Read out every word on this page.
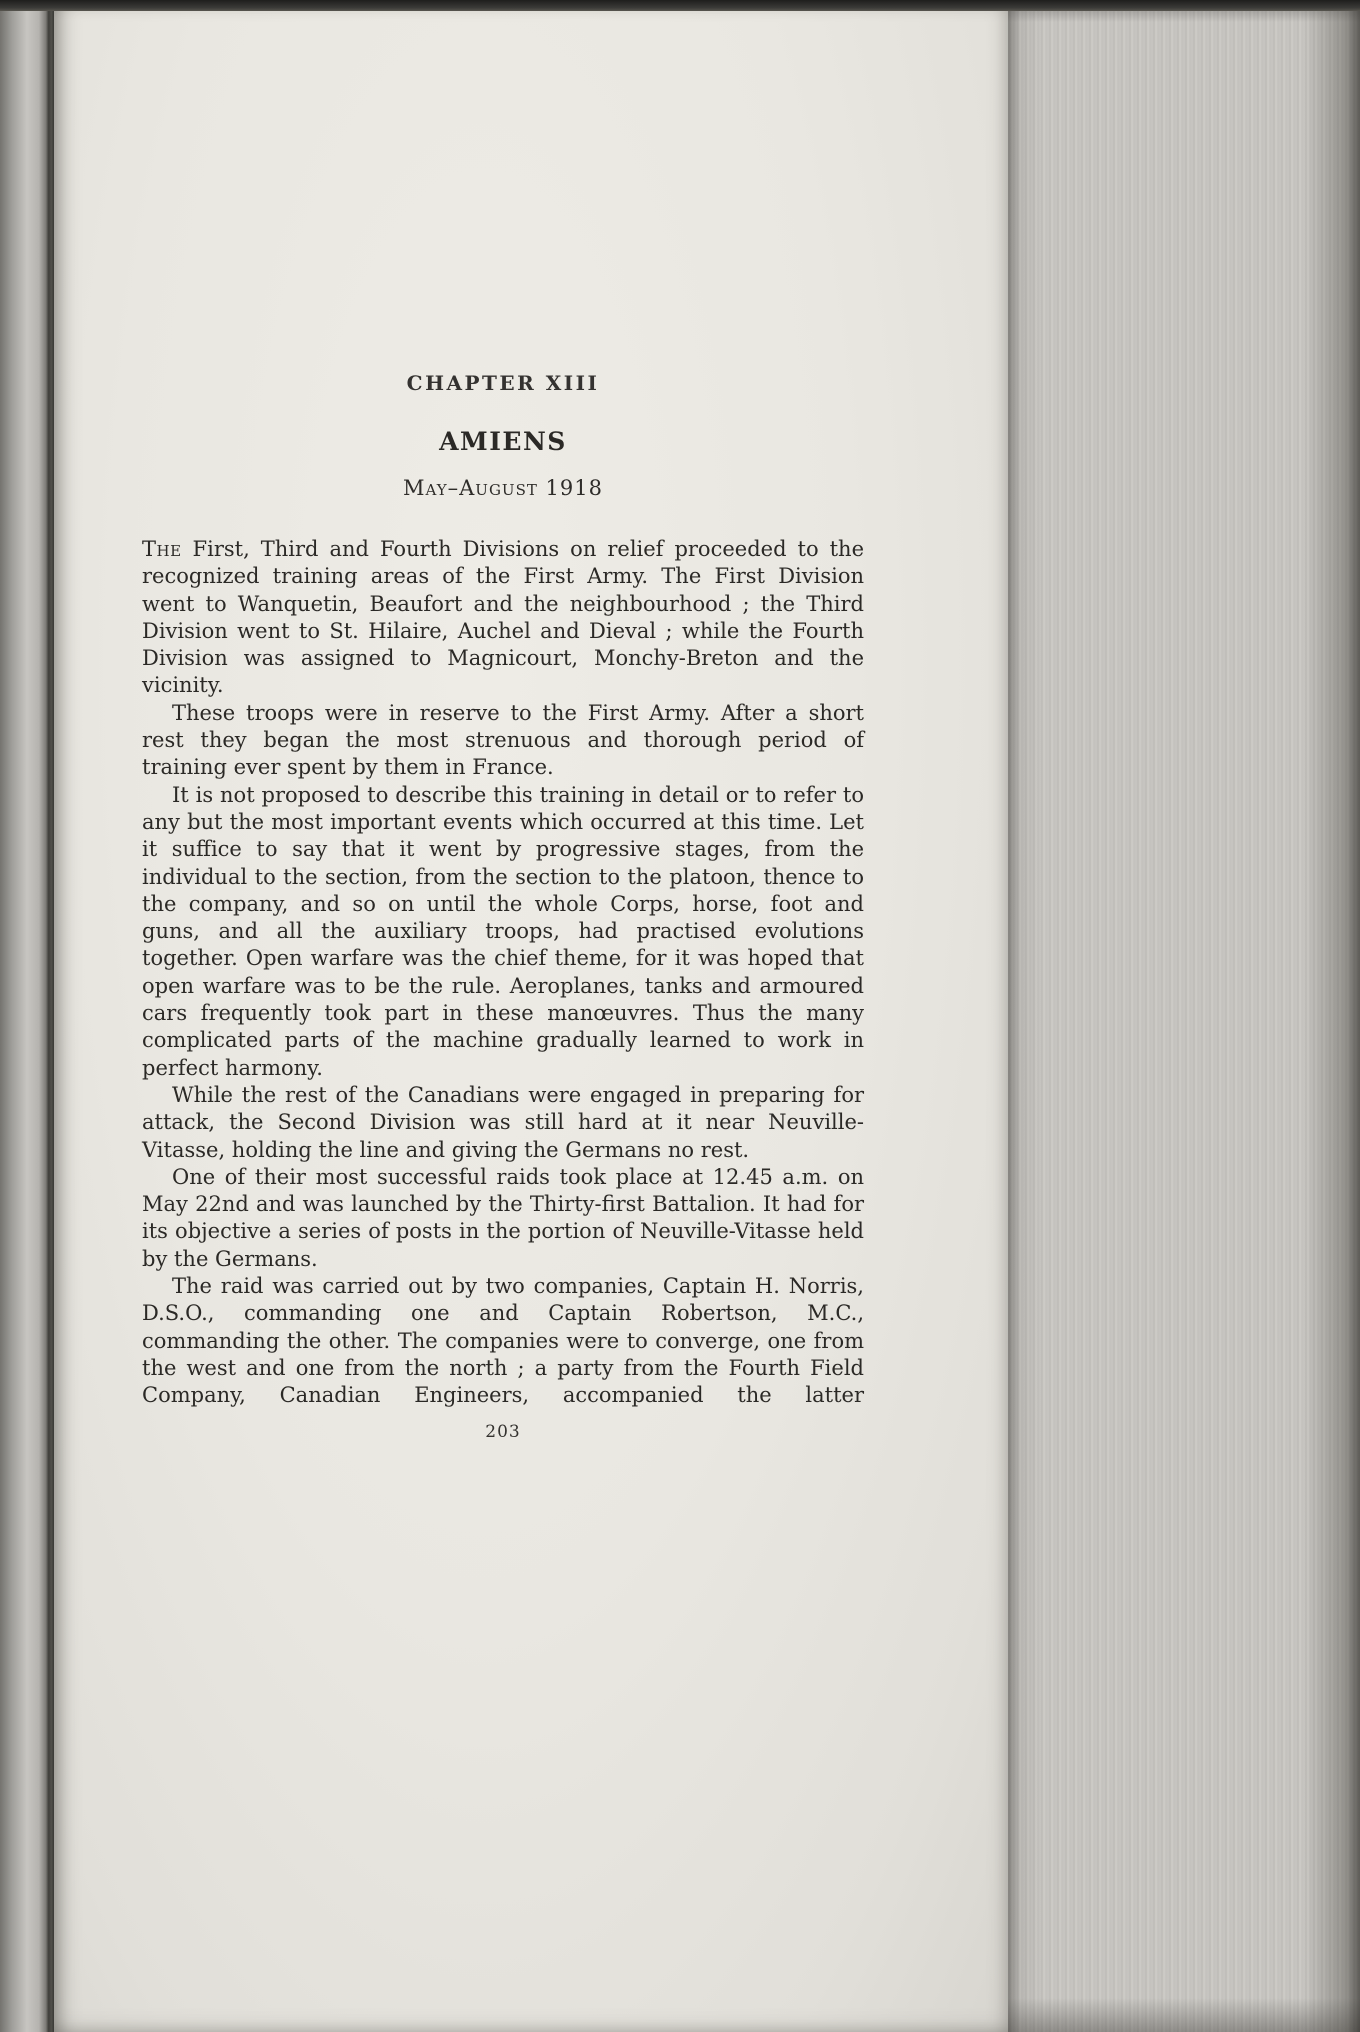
CHAPTER XIII
AMIENS
May–August 1918

The First, Third and Fourth Divisions on relief proceeded to the recognized training areas of the First Army. The First Division went to Wanquetin, Beaufort and the neighbourhood ; the Third Division went to St. Hilaire, Auchel and Dieval ; while the Fourth Division was assigned to Magnicourt, Monchy-Breton and the vicinity.

These troops were in reserve to the First Army. After a short rest they began the most strenuous and thorough period of training ever spent by them in France.

It is not proposed to describe this training in detail or to refer to any but the most important events which occurred at this time. Let it suffice to say that it went by progressive stages, from the individual to the section, from the section to the platoon, thence to the company, and so on until the whole Corps, horse, foot and guns, and all the auxiliary troops, had practised evolutions together. Open warfare was the chief theme, for it was hoped that open warfare was to be the rule. Aeroplanes, tanks and armoured cars frequently took part in these manœuvres. Thus the many complicated parts of the machine gradually learned to work in perfect harmony.

While the rest of the Canadians were engaged in preparing for attack, the Second Division was still hard at it near Neuville-Vitasse, holding the line and giving the Germans no rest.

One of their most successful raids took place at 12.45 a.m. on May 22nd and was launched by the Thirty-first Battalion. It had for its objective a series of posts in the portion of Neuville-Vitasse held by the Germans.

The raid was carried out by two companies, Captain H. Norris, D.S.O., commanding one and Captain Robertson, M.C., commanding the other. The companies were to converge, one from the west and one from the north ; a party from the Fourth Field Company, Canadian Engineers, accompanied the latter

203
